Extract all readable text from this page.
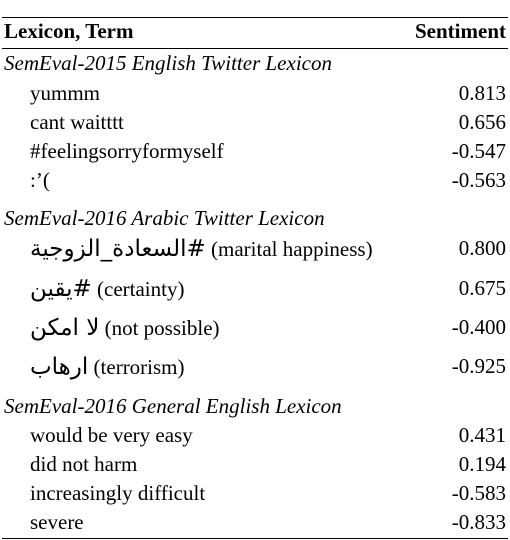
Lexicon, Term	Sentiment
SemEval-2015 English Twitter Lexicon
yummm	0.813
cant waitttt	0.656
#feelingsorryformyself	-0.547
:’(	-0.563
SemEval-2016 Arabic Twitter Lexicon
#السعادة_الزوجية (marital happiness)	0.800
#يقين (certainty)	0.675
لا امكن (not possible)	-0.400
ارهاب (terrorism)	-0.925
SemEval-2016 General English Lexicon
would be very easy	0.431
did not harm	0.194
increasingly difficult	-0.583
severe	-0.833
